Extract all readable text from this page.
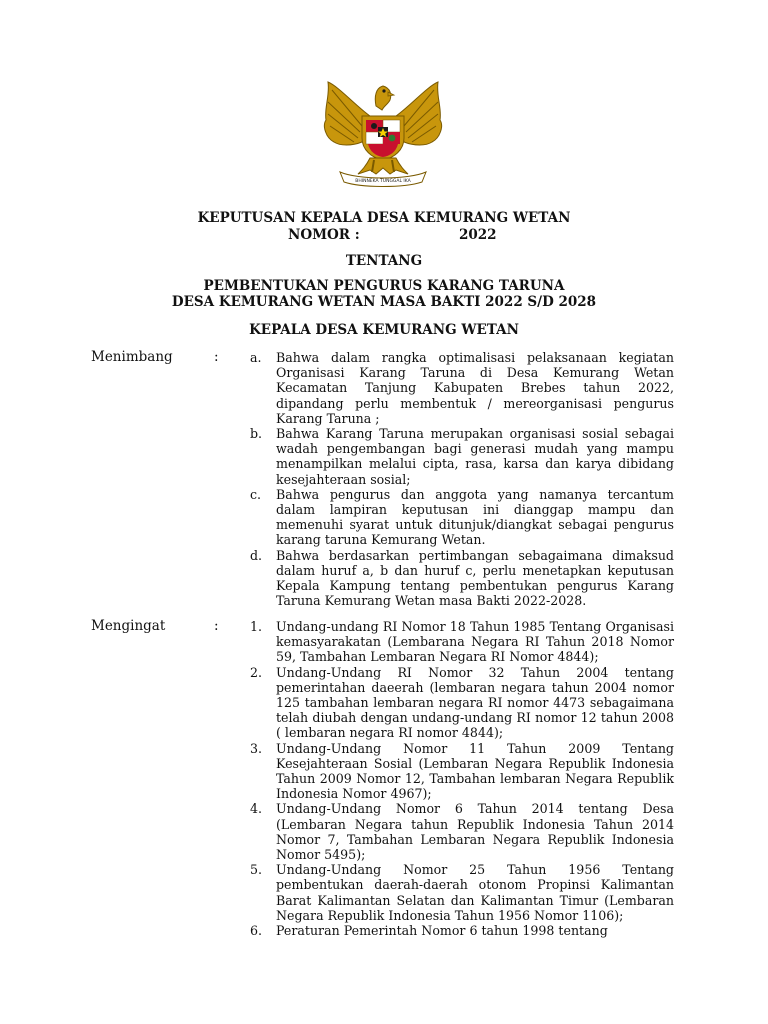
BHINNEKA TUNGGAL IKA
KEPUTUSAN KEPALA DESA KEMURANG WETAN
NOMOR :	2022
TENTANG
PEMBENTUKAN PENGURUS KARANG TARUNA
DESA KEMURANG WETAN MASA BAKTI 2022 S/D 2028
KEPALA DESA KEMURANG WETAN
Menimbang	: a. Bahwa dalam rangka optimalisasi pelaksanaan kegiatan Organisasi Karang Taruna di Desa Kemurang Wetan Kecamatan Tanjung Kabupaten Brebes tahun 2022, dipandang perlu membentuk / mereorganisasi pengurus Karang Taruna ;
b. Bahwa Karang Taruna merupakan organisasi sosial sebagai wadah pengembangan bagi generasi mudah yang mampu menampilkan melalui cipta, rasa, karsa dan karya dibidang kesejahteraan sosial;
c. Bahwa pengurus dan anggota yang namanya tercantum dalam lampiran keputusan ini dianggap mampu dan memenuhi syarat untuk ditunjuk/diangkat sebagai pengurus karang taruna Kemurang Wetan.
d. Bahwa berdasarkan pertimbangan sebagaimana dimaksud dalam huruf a, b dan huruf c, perlu menetapkan keputusan Kepala Kampung tentang pembentukan pengurus Karang Taruna Kemurang Wetan masa Bakti 2022-2028.
Mengingat	: 1. Undang-undang RI Nomor 18 Tahun 1985 Tentang Organisasi kemasyarakatan (Lembarana Negara RI Tahun 2018 Nomor 59, Tambahan Lembaran Negara RI Nomor 4844);
2. Undang-Undang RI Nomor 32 Tahun 2004 tentang pemerintahan daeerah (lembaran negara tahun 2004 nomor 125 tambahan lembaran negara RI nomor 4473 sebagaimana telah diubah dengan undang-undang RI nomor 12 tahun 2008 ( lembaran negara RI nomor 4844);
3. Undang-Undang Nomor 11 Tahun 2009 Tentang Kesejahteraan Sosial (Lembaran Negara Republik Indonesia Tahun 2009 Nomor 12, Tambahan lembaran Negara Republik Indonesia Nomor 4967);
4. Undang-Undang Nomor 6 Tahun 2014 tentang Desa (Lembaran Negara tahun Republik Indonesia Tahun 2014 Nomor 7, Tambahan Lembaran Negara Republik Indonesia Nomor 5495);
5. Undang-Undang Nomor 25 Tahun 1956 Tentang pembentukan daerah-daerah otonom Propinsi Kalimantan Barat Kalimantan Selatan dan Kalimantan Timur (Lembaran Negara Republik Indonesia Tahun 1956 Nomor 1106);
6. Peraturan Pemerintah Nomor 6 tahun 1998 tentang
